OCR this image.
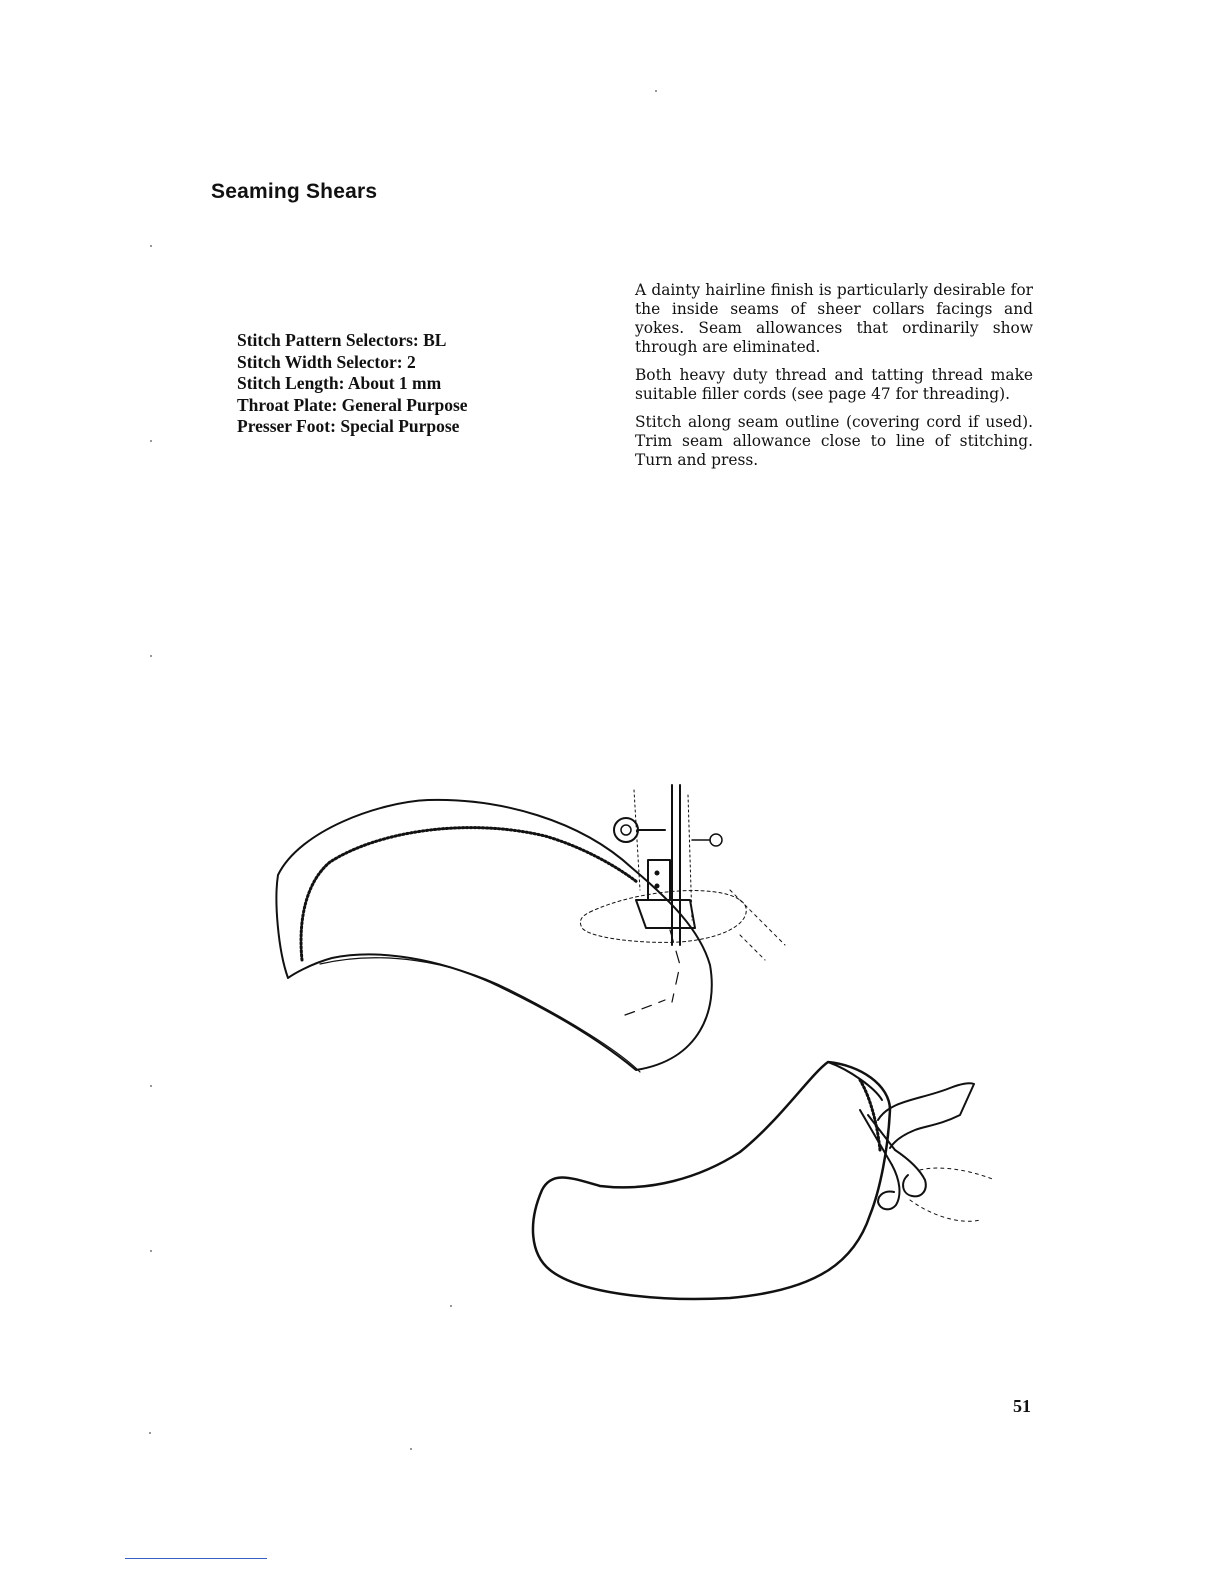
Seaming Shears
Stitch Pattern Selectors: BL
Stitch Width Selector: 2
Stitch Length: About 1 mm
Throat Plate: General Purpose
Presser Foot: Special Purpose

A dainty hairline finish is particularly desirable for the inside seams of sheer collars facings and yokes. Seam allowances that ordinarily show through are eliminated.

Both heavy duty thread and tatting thread make suitable filler cords (see page 47 for threading).

Stitch along seam outline (covering cord if used). Trim seam allowance close to line of stitching. Turn and press.

51
